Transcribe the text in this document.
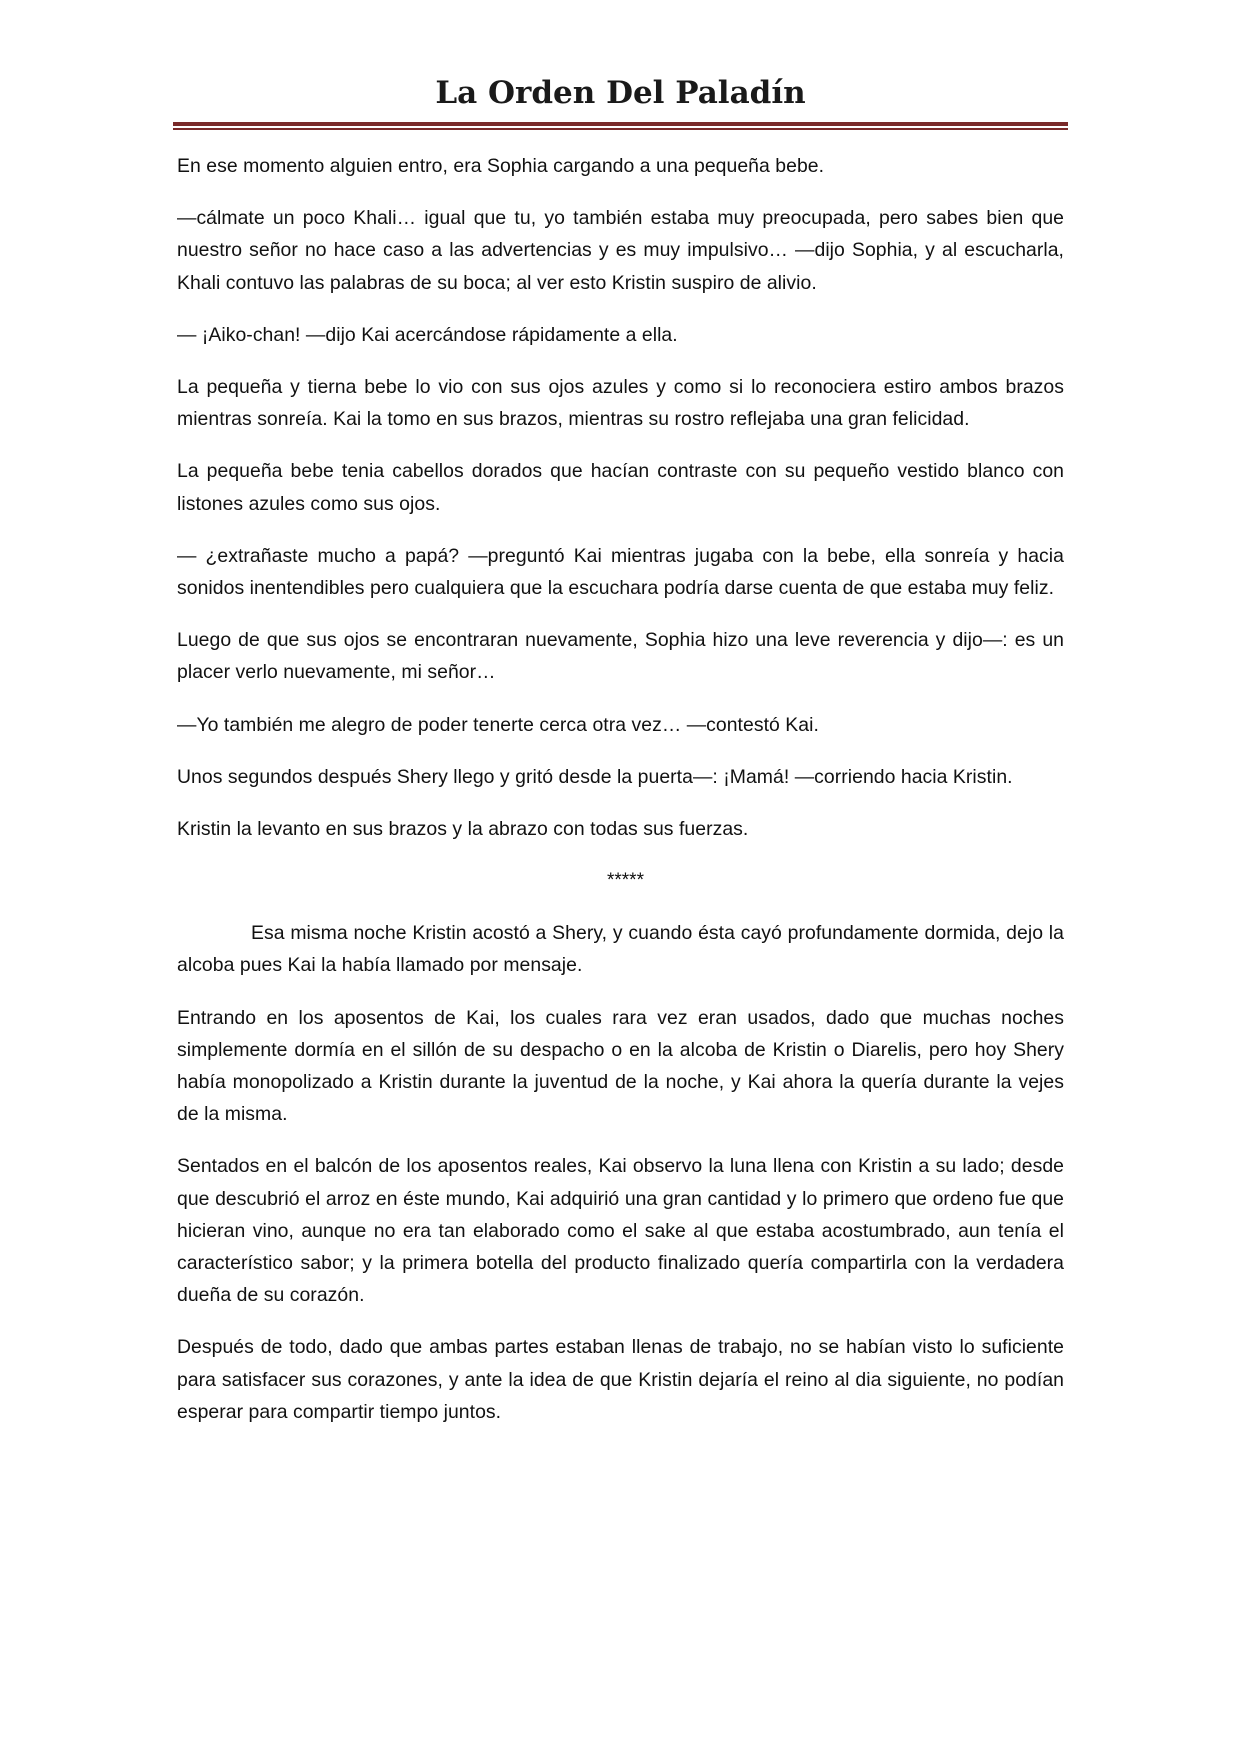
La Orden Del Paladín

En ese momento alguien entro, era Sophia cargando a una pequeña bebe.

—cálmate un poco Khali… igual que tu, yo también estaba muy preocupada, pero sabes bien que nuestro señor no hace caso a las advertencias y es muy impulsivo… —dijo Sophia, y al escucharla, Khali contuvo las palabras de su boca; al ver esto Kristin suspiro de alivio.

— ¡Aiko-chan! —dijo Kai acercándose rápidamente a ella.

La pequeña y tierna bebe lo vio con sus ojos azules y como si lo reconociera estiro ambos brazos mientras sonreía. Kai la tomo en sus brazos, mientras su rostro reflejaba una gran felicidad.

La pequeña bebe tenia cabellos dorados que hacían contraste con su pequeño vestido blanco con listones azules como sus ojos.

— ¿extrañaste mucho a papá? —preguntó Kai mientras jugaba con la bebe, ella sonreía y hacia sonidos inentendibles pero cualquiera que la escuchara podría darse cuenta de que estaba muy feliz.

Luego de que sus ojos se encontraran nuevamente, Sophia hizo una leve reverencia y dijo—: es un placer verlo nuevamente, mi señor…

—Yo también me alegro de poder tenerte cerca otra vez… —contestó Kai.

Unos segundos después Shery llego y gritó desde la puerta—: ¡Mamá! —corriendo hacia Kristin.

Kristin la levanto en sus brazos y la abrazo con todas sus fuerzas.

*****

Esa misma noche Kristin acostó a Shery, y cuando ésta cayó profundamente dormida, dejo la alcoba pues Kai la había llamado por mensaje.

Entrando en los aposentos de Kai, los cuales rara vez eran usados, dado que muchas noches simplemente dormía en el sillón de su despacho o en la alcoba de Kristin o Diarelis, pero hoy Shery había monopolizado a Kristin durante la juventud de la noche, y Kai ahora la quería durante la vejes de la misma.

Sentados en el balcón de los aposentos reales, Kai observo la luna llena con Kristin a su lado; desde que descubrió el arroz en éste mundo, Kai adquirió una gran cantidad y lo primero que ordeno fue que hicieran vino, aunque no era tan elaborado como el sake al que estaba acostumbrado, aun tenía el característico sabor; y la primera botella del producto finalizado quería compartirla con la verdadera dueña de su corazón.

Después de todo, dado que ambas partes estaban llenas de trabajo, no se habían visto lo suficiente para satisfacer sus corazones, y ante la idea de que Kristin dejaría el reino al dia siguiente, no podían esperar para compartir tiempo juntos.
